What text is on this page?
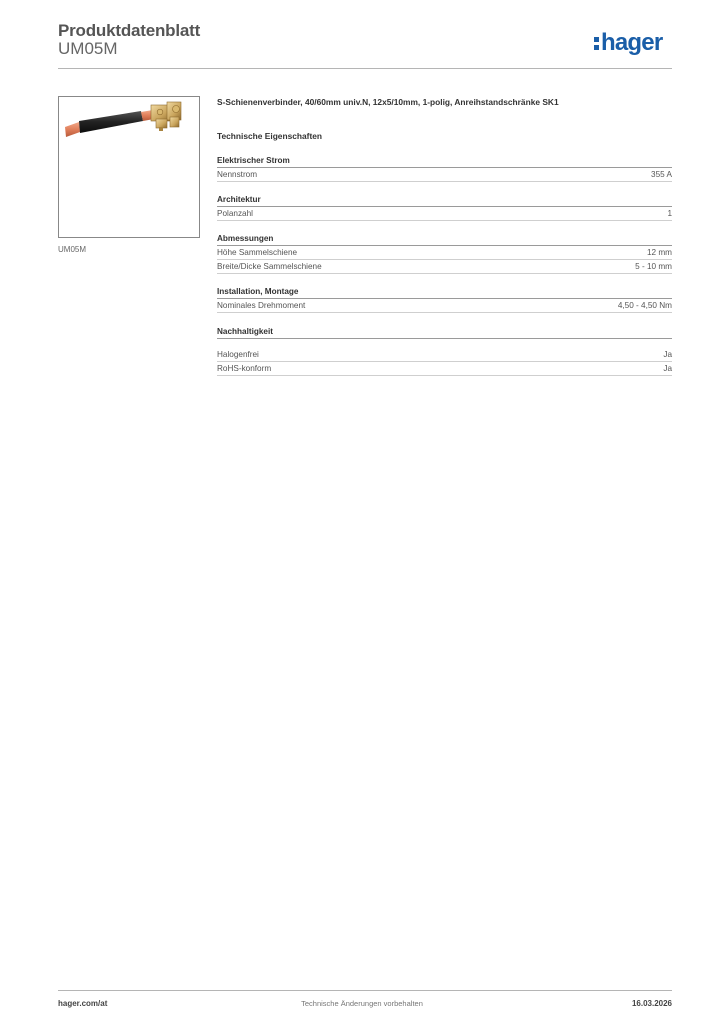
Produktdatenblatt
UM05M	hager
UM05M
S-Schienenverbinder, 40/60mm univ.N, 12x5/10mm, 1-polig, Anreihstandschränke SK1
Technische Eigenschaften
Elektrischer Strom
Nennstrom	355 A
Architektur
Polanzahl	1
Abmessungen
Höhe Sammelschiene	12 mm
Breite/Dicke Sammelschiene	5 - 10 mm
Installation, Montage
Nominales Drehmoment	4,50 - 4,50 Nm
Nachhaltigkeit
Halogenfrei	Ja
RoHS-konform	Ja
hager.com/at	Technische Änderungen vorbehalten	16.03.2026
